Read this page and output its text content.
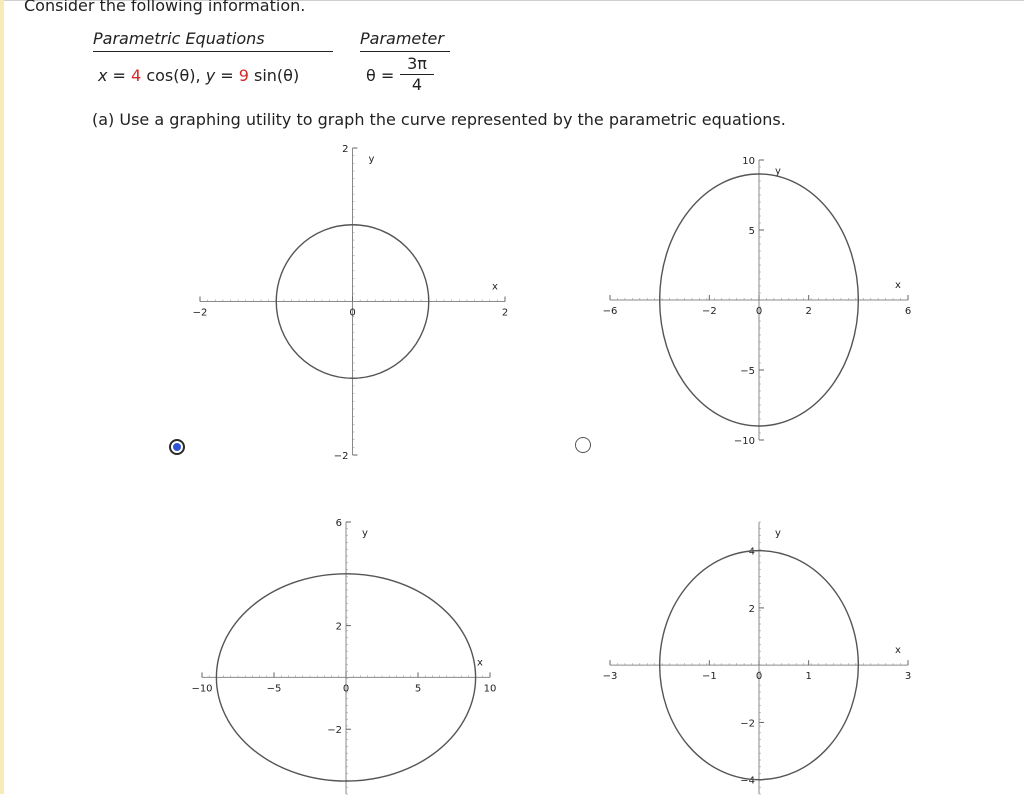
Consider the following information.
Parametric Equations	Parameter
x = 4 cos(θ), y = 9 sin(θ)	$\theta = \frac{3\pi}{4}$
(a) Use a graphing utility to graph the curve represented by the parametric equations.
−2	0	2
−2
2
x
y
−6	−2	0	2	6
−10
−5
5
10
x
y
−10	−5	0	5	10
−2
2
6
x
y
−3	−1	0	1	3
−4
−2
2
4
x
y
